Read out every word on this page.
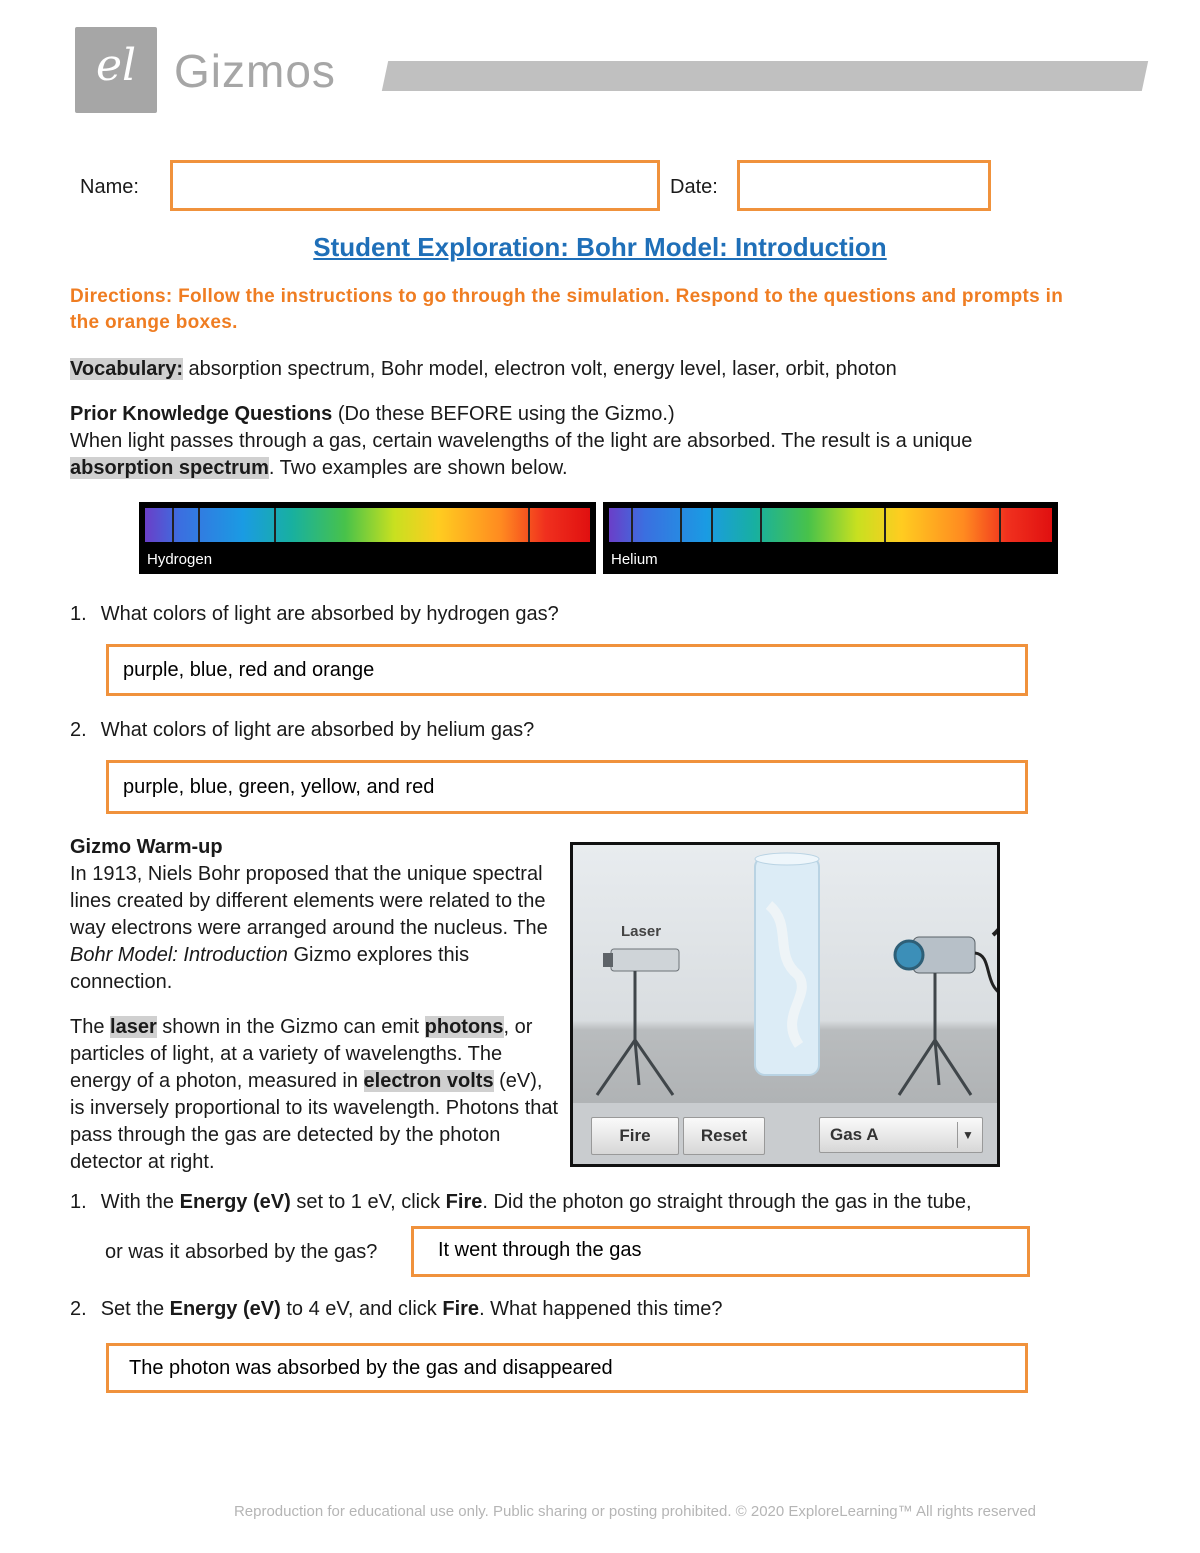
el Gizmos
Name:	Date:
Student Exploration: Bohr Model: Introduction
Directions: Follow the instructions to go through the simulation. Respond to the questions and prompts in the orange boxes.
Vocabulary: absorption spectrum, Bohr model, electron volt, energy level, laser, orbit, photon
Prior Knowledge Questions (Do these BEFORE using the Gizmo.)
When light passes through a gas, certain wavelengths of the light are absorbed. The result is a unique
absorption spectrum. Two examples are shown below.
Hydrogen	Helium
1. What colors of light are absorbed by hydrogen gas?
purple, blue, red and orange
2. What colors of light are absorbed by helium gas?
purple, blue, green, yellow, and red
Gizmo Warm-up
In 1913, Niels Bohr proposed that the unique spectral lines created by different elements were related to the way electrons were arranged around the nucleus. The Bohr Model: Introduction Gizmo explores this connection.
The laser shown in the Gizmo can emit photons, or particles of light, at a variety of wavelengths. The energy of a photon, measured in electron volts (eV), is inversely proportional to its wavelength. Photons that pass through the gas are detected by the photon detector at right.
Laser
Fire	Reset	Gas A	▼
1. With the Energy (eV) set to 1 eV, click Fire. Did the photon go straight through the gas in the tube,
or was it absorbed by the gas?	It went through the gas
2. Set the Energy (eV) to 4 eV, and click Fire. What happened this time?
The photon was absorbed by the gas and disappeared
Reproduction for educational use only. Public sharing or posting prohibited. © 2020 ExploreLearning™ All rights reserved
